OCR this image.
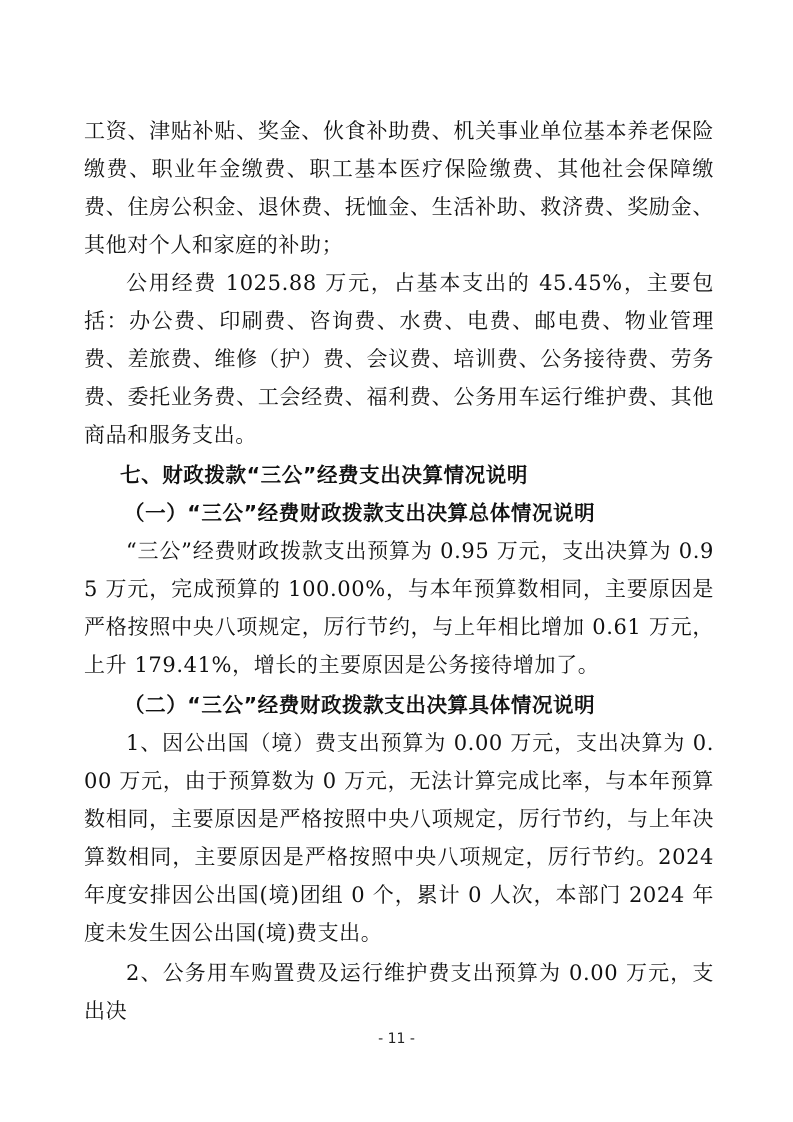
工资、津贴补贴、奖金、伙食补助费、机关事业单位基本养老保险缴费、职业年金缴费、职工基本医疗保险缴费、其他社会保障缴费、住房公积金、退休费、抚恤金、生活补助、救济费、奖励金、其他对个人和家庭的补助；

公用经费 1025.88 万元，占基本支出的 45.45%，主要包括：办公费、印刷费、咨询费、水费、电费、邮电费、物业管理费、差旅费、维修（护）费、会议费、培训费、公务接待费、劳务费、委托业务费、工会经费、福利费、公务用车运行维护费、其他商品和服务支出。

七、财政拨款“三公”经费支出决算情况说明

（一）“三公”经费财政拨款支出决算总体情况说明

“三公”经费财政拨款支出预算为 0.95 万元，支出决算为 0.95 万元，完成预算的 100.00%，与本年预算数相同，主要原因是严格按照中央八项规定，厉行节约，与上年相比增加 0.61 万元，上升 179.41%，增长的主要原因是公务接待增加了。

（二）“三公”经费财政拨款支出决算具体情况说明

1、因公出国（境）费支出预算为 0.00 万元，支出决算为 0.00 万元，由于预算数为 0 万元，无法计算完成比率，与本年预算数相同，主要原因是严格按照中央八项规定，厉行节约，与上年决算数相同，主要原因是严格按照中央八项规定，厉行节约。2024 年度安排因公出国(境)团组 0 个，累计 0 人次，本部门 2024 年度未发生因公出国(境)费支出。

2、公务用车购置费及运行维护费支出预算为 0.00 万元，支出决

- 11 -
